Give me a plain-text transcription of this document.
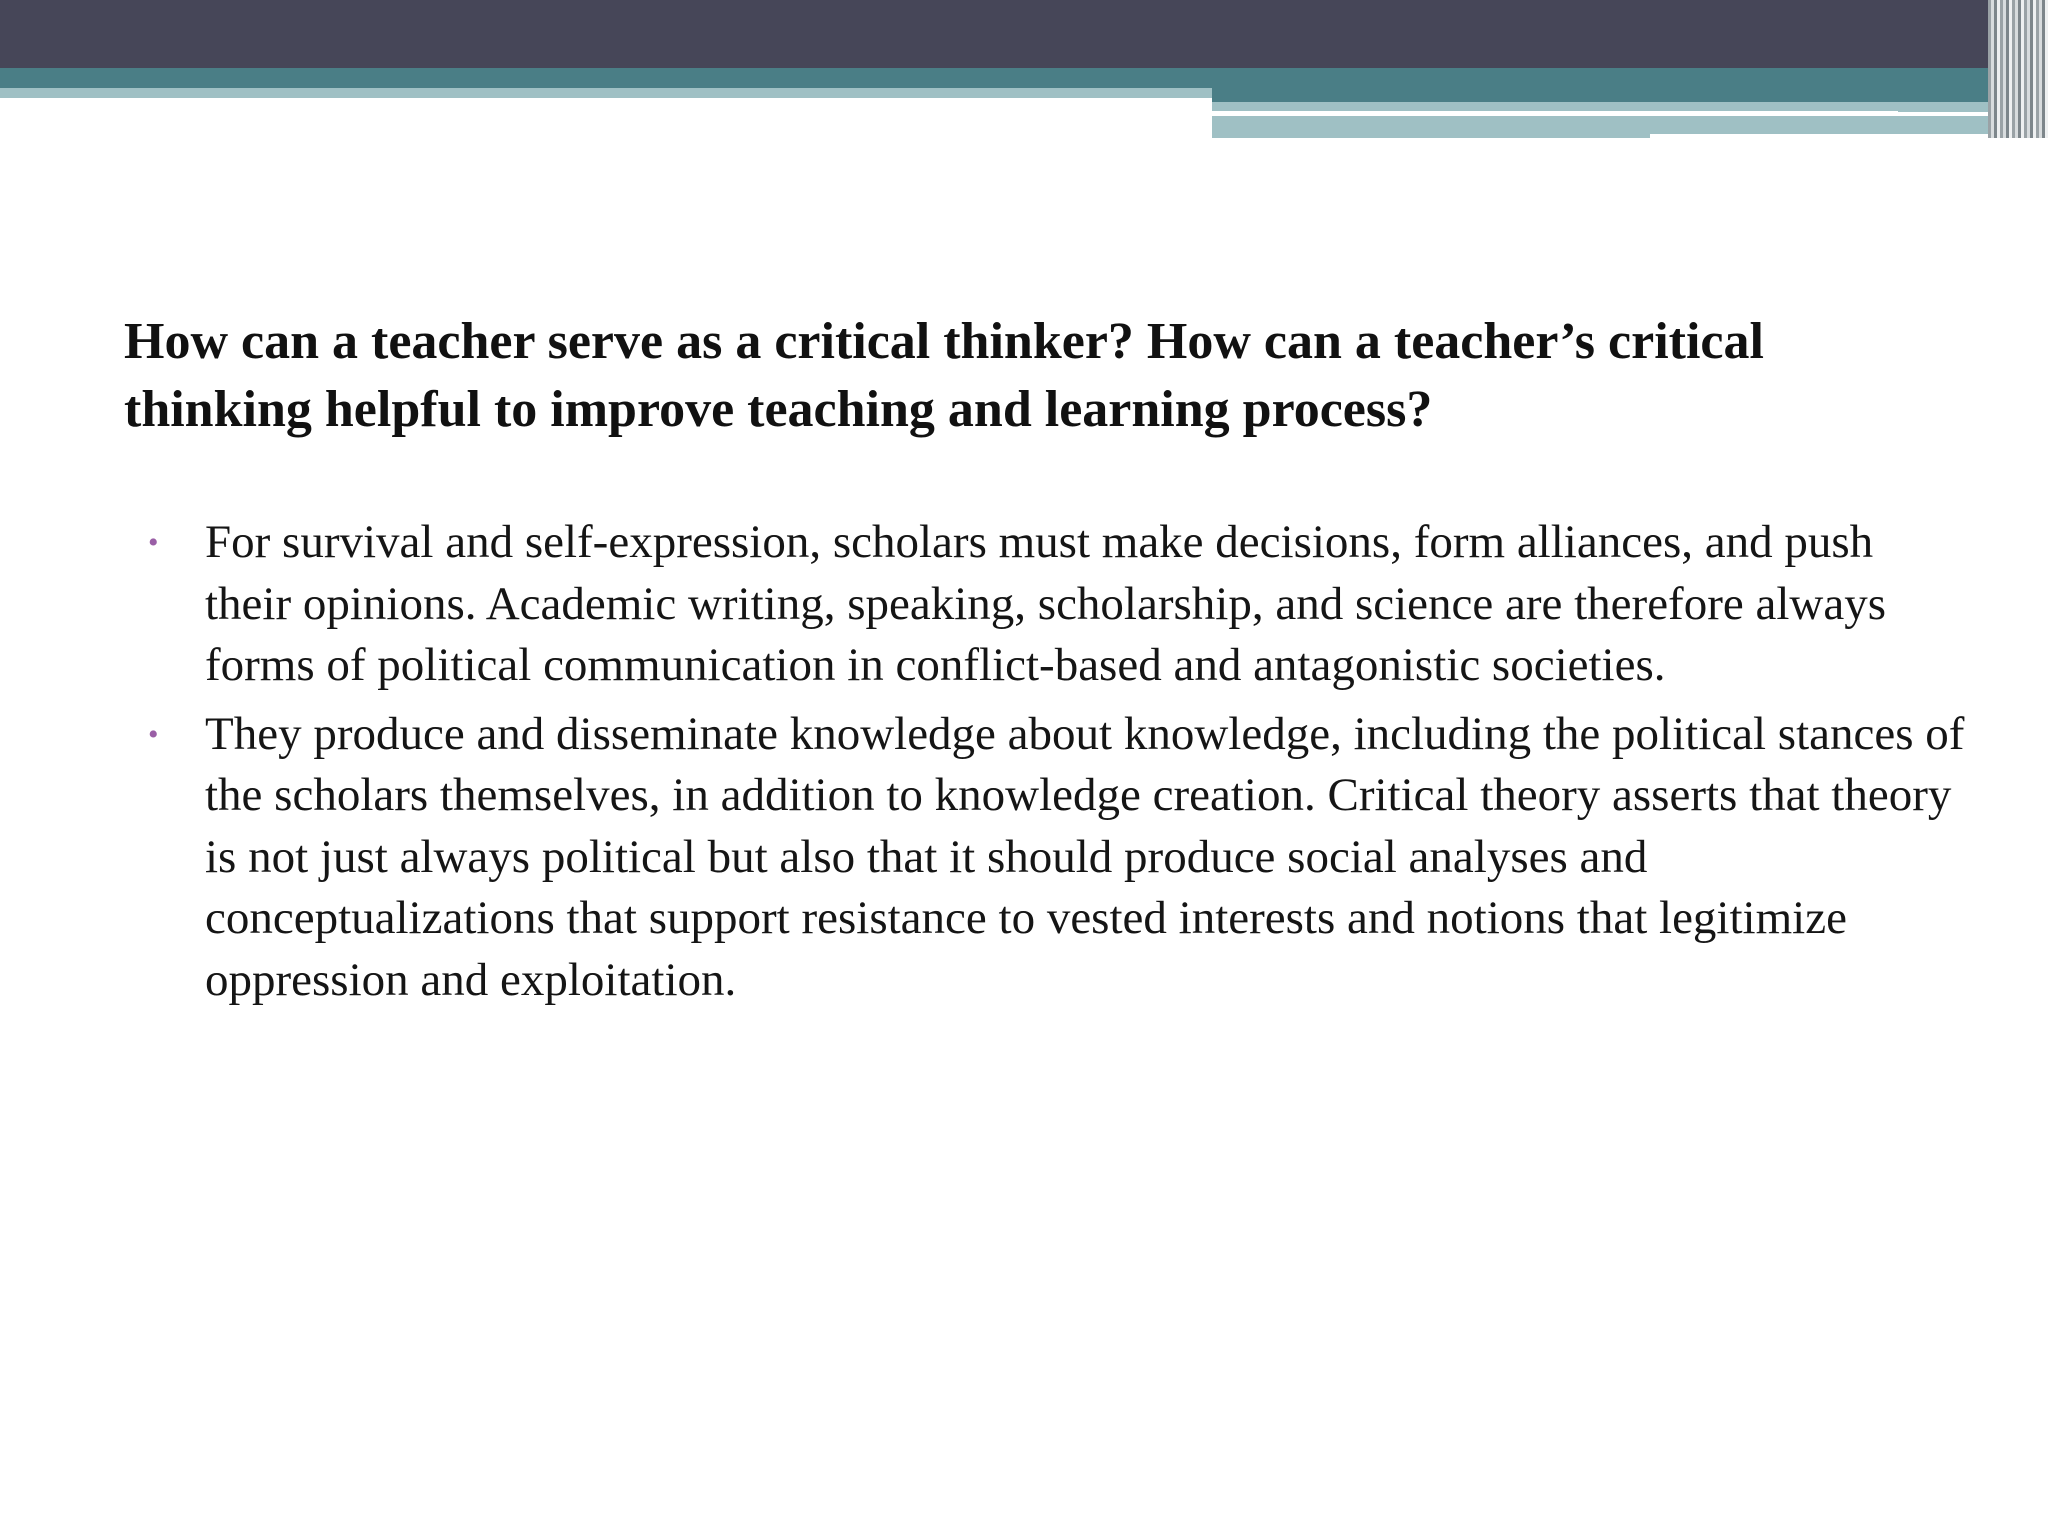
How can a teacher serve as a critical thinker? How can a teacher’s critical thinking helpful to improve teaching and learning process?
• For survival and self-expression, scholars must make decisions, form alliances, and push their opinions. Academic writing, speaking, scholarship, and science are therefore always forms of political communication in conflict-based and antagonistic societies.
• They produce and disseminate knowledge about knowledge, including the political stances of the scholars themselves, in addition to knowledge creation. Critical theory asserts that theory is not just always political but also that it should produce social analyses and conceptualizations that support resistance to vested interests and notions that legitimize oppression and exploitation.
